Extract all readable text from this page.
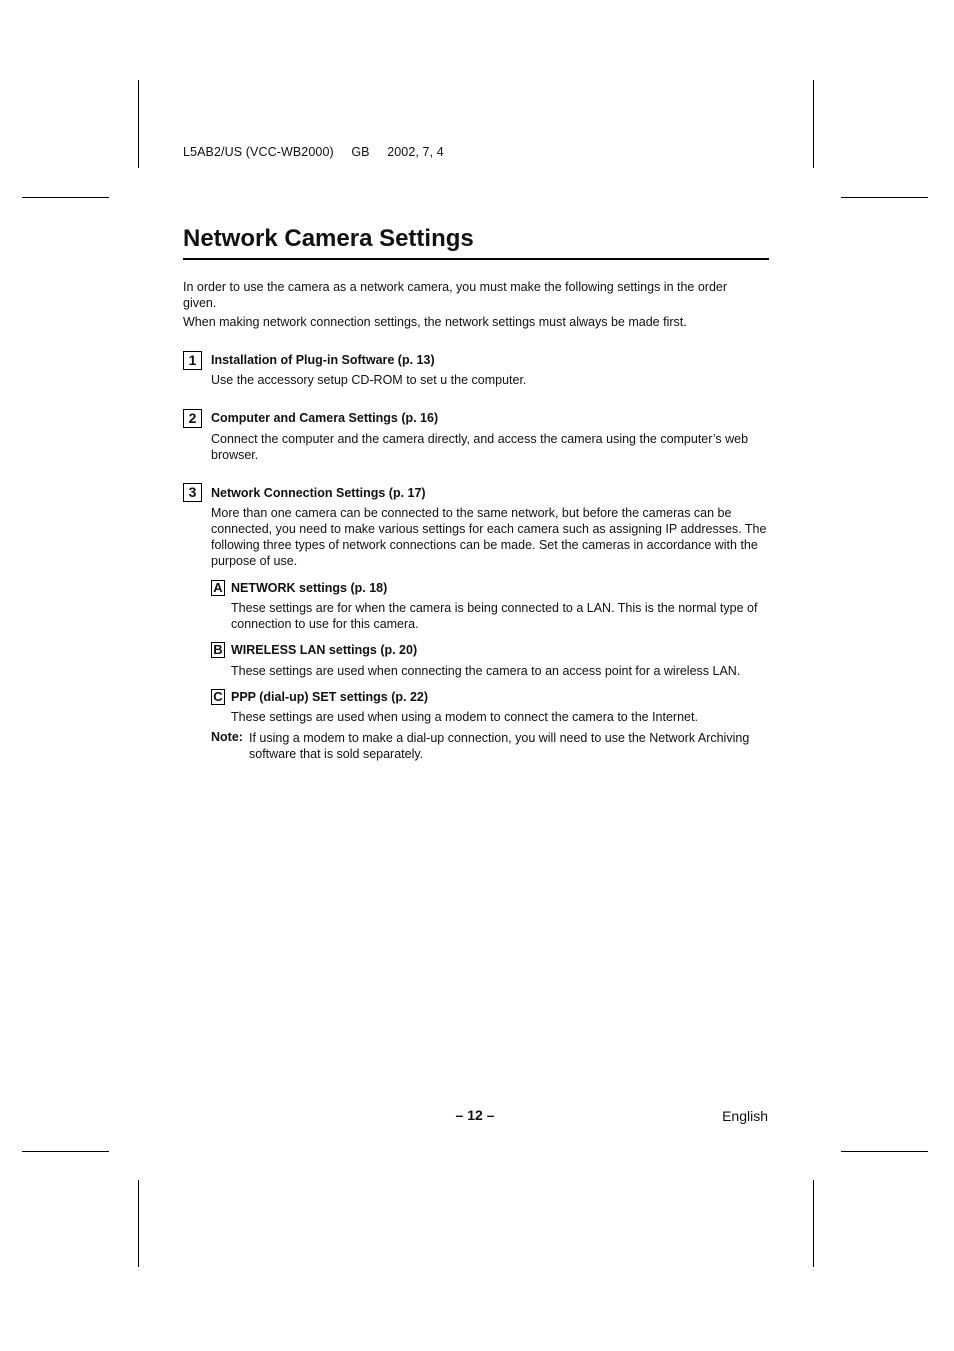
L5AB2/US (VCC-WB2000) GB 2002, 7, 4
Network Camera Settings
In order to use the camera as a network camera, you must make the following settings in the order given.
When making network connection settings, the network settings must always be made first.
1	Installation of Plug-in Software (p. 13)
Use the accessory setup CD-ROM to set u the computer.
2	Computer and Camera Settings (p. 16)
Connect the computer and the camera directly, and access the camera using the computer’s web browser.
3	Network Connection Settings (p. 17)
More than one camera can be connected to the same network, but before the cameras can be connected, you need to make various settings for each camera such as assigning IP addresses. The following three types of network connections can be made. Set the cameras in accordance with the purpose of use.
A NETWORK settings (p. 18)
These settings are for when the camera is being connected to a LAN. This is the normal type of connection to use for this camera.
B WIRELESS LAN settings (p. 20)
These settings are used when connecting the camera to an access point for a wireless LAN.
C PPP (dial-up) SET settings (p. 22)
These settings are used when using a modem to connect the camera to the Internet.
Note: If using a modem to make a dial-up connection, you will need to use the Network Archiving software that is sold separately.
– 12 –	English
